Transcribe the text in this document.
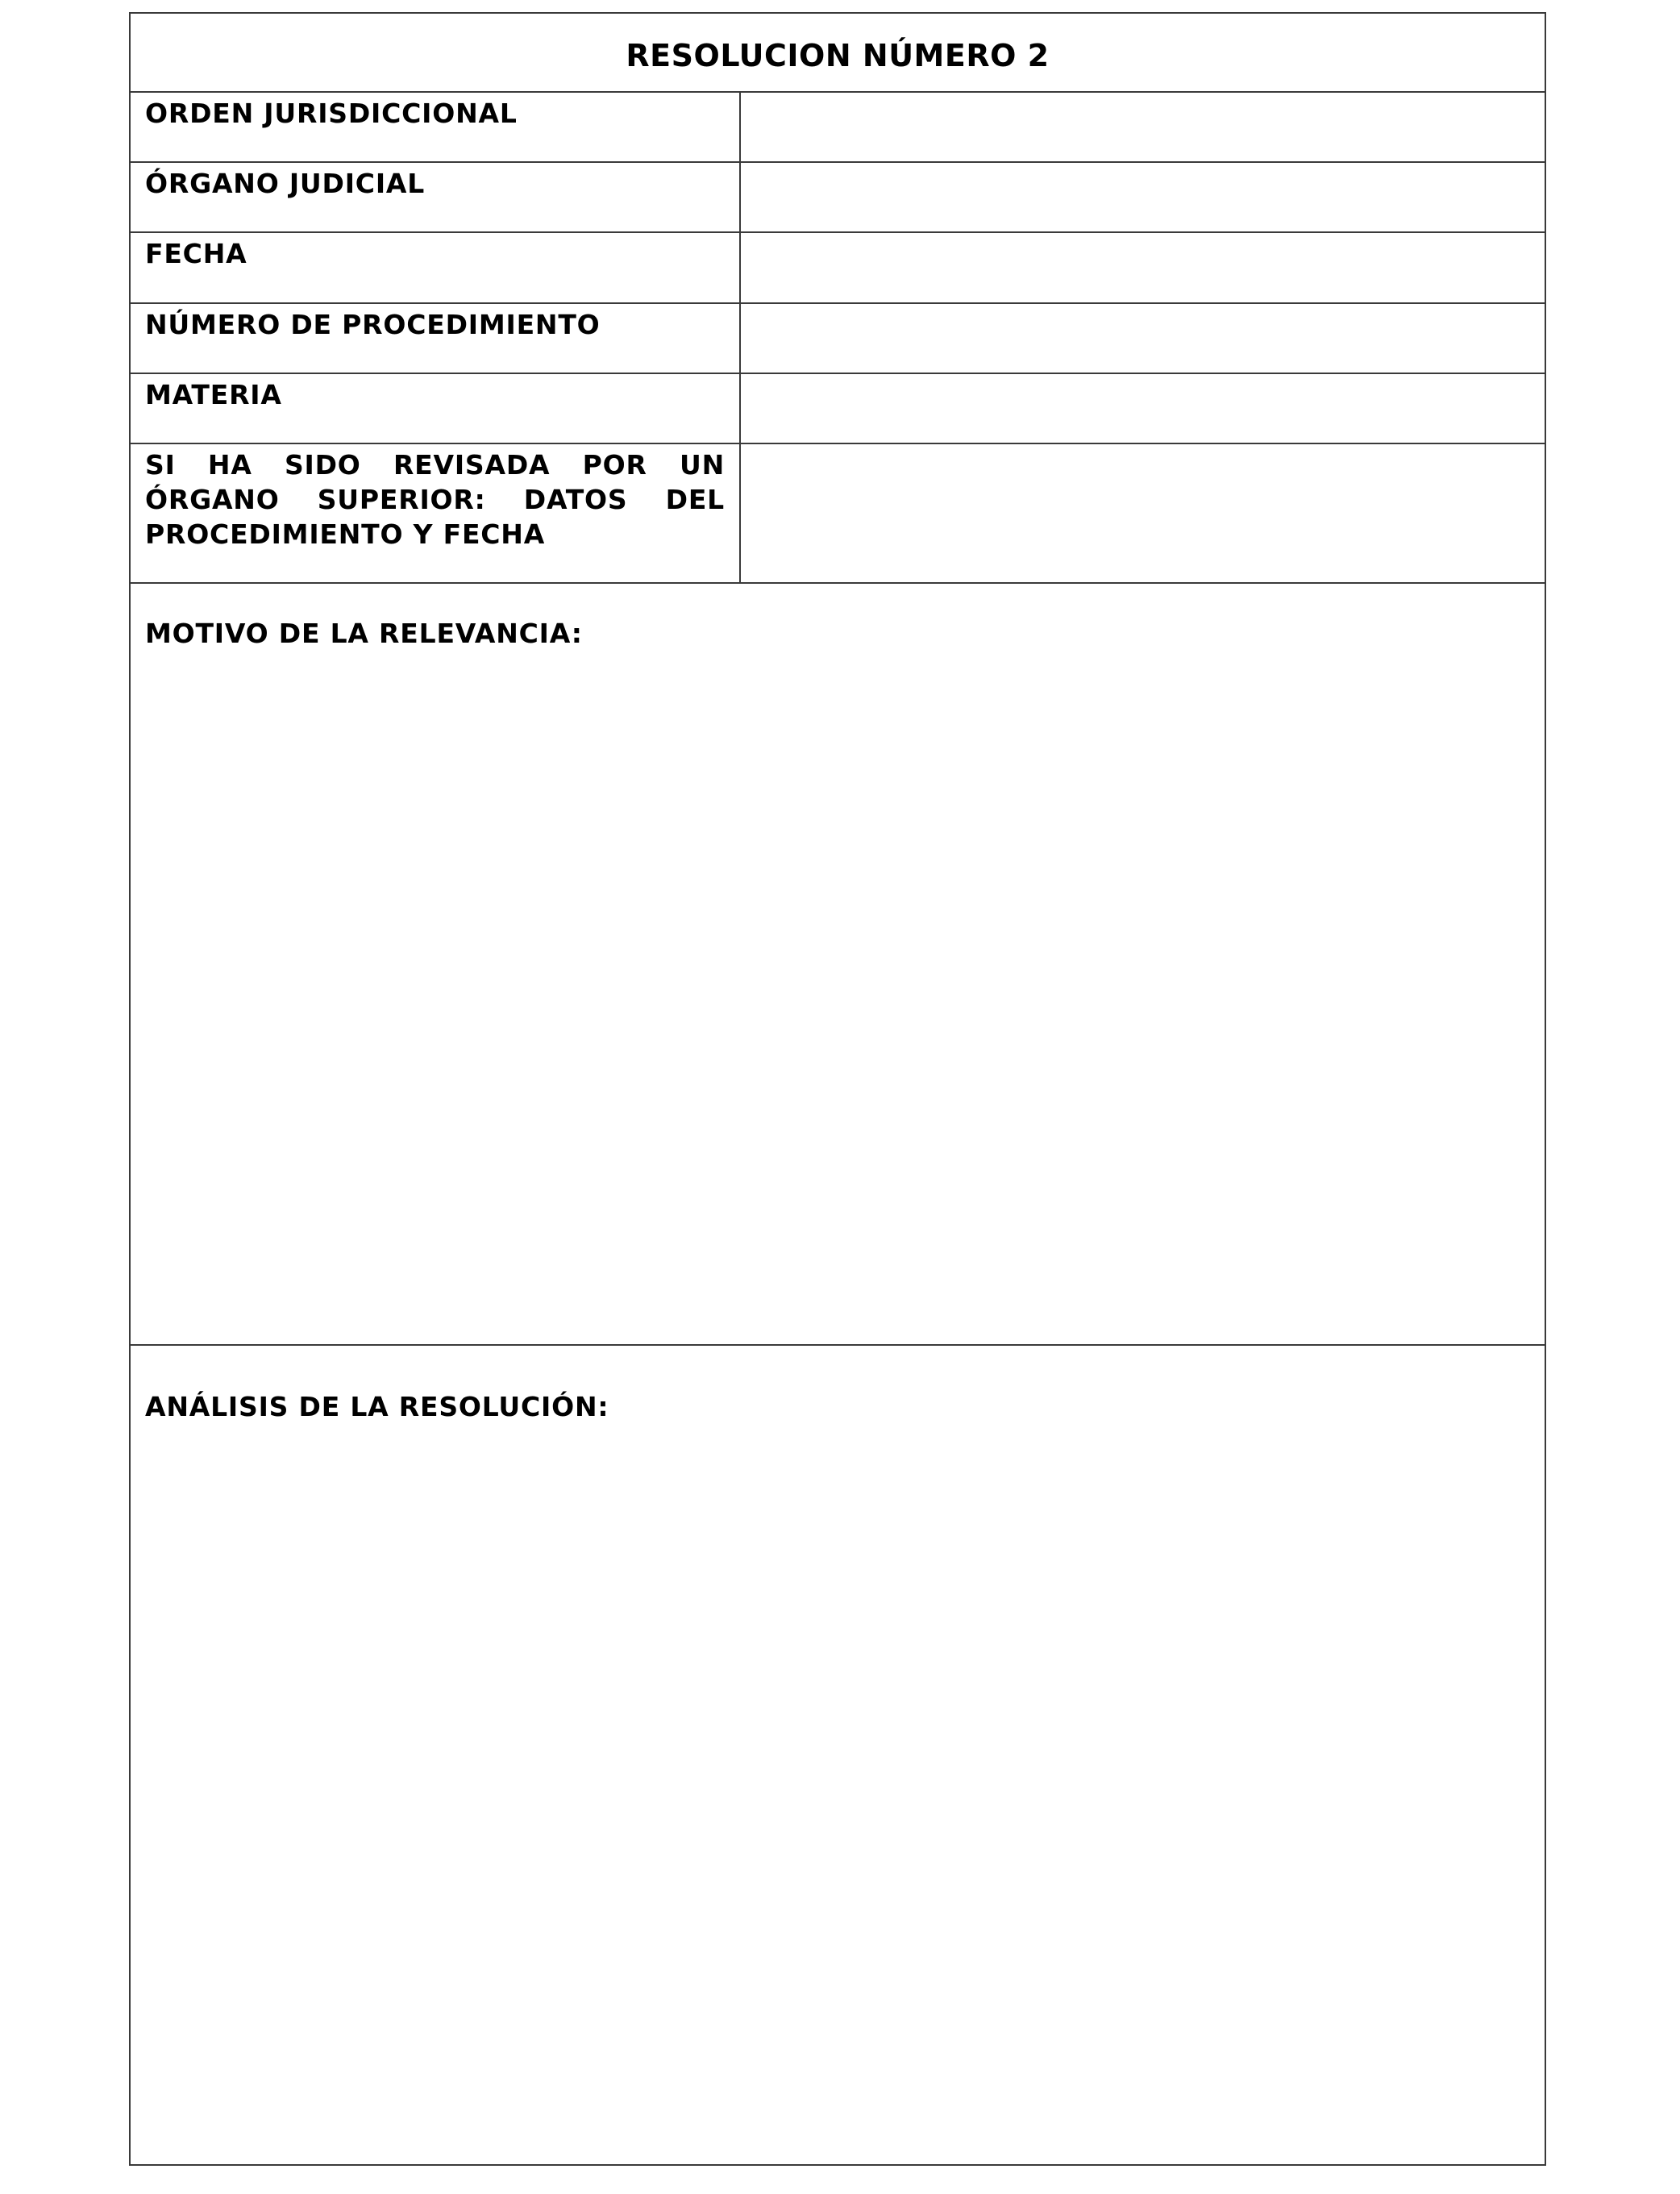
RESOLUCION NÚMERO 2
ORDEN JURISDICCIONAL
ÓRGANO JUDICIAL
FECHA
NÚMERO DE PROCEDIMIENTO
MATERIA
SI HA SIDO REVISADA POR UN ÓRGANO SUPERIOR: DATOS DEL PROCEDIMIENTO Y FECHA
MOTIVO DE LA RELEVANCIA:
ANÁLISIS DE LA RESOLUCIÓN:
